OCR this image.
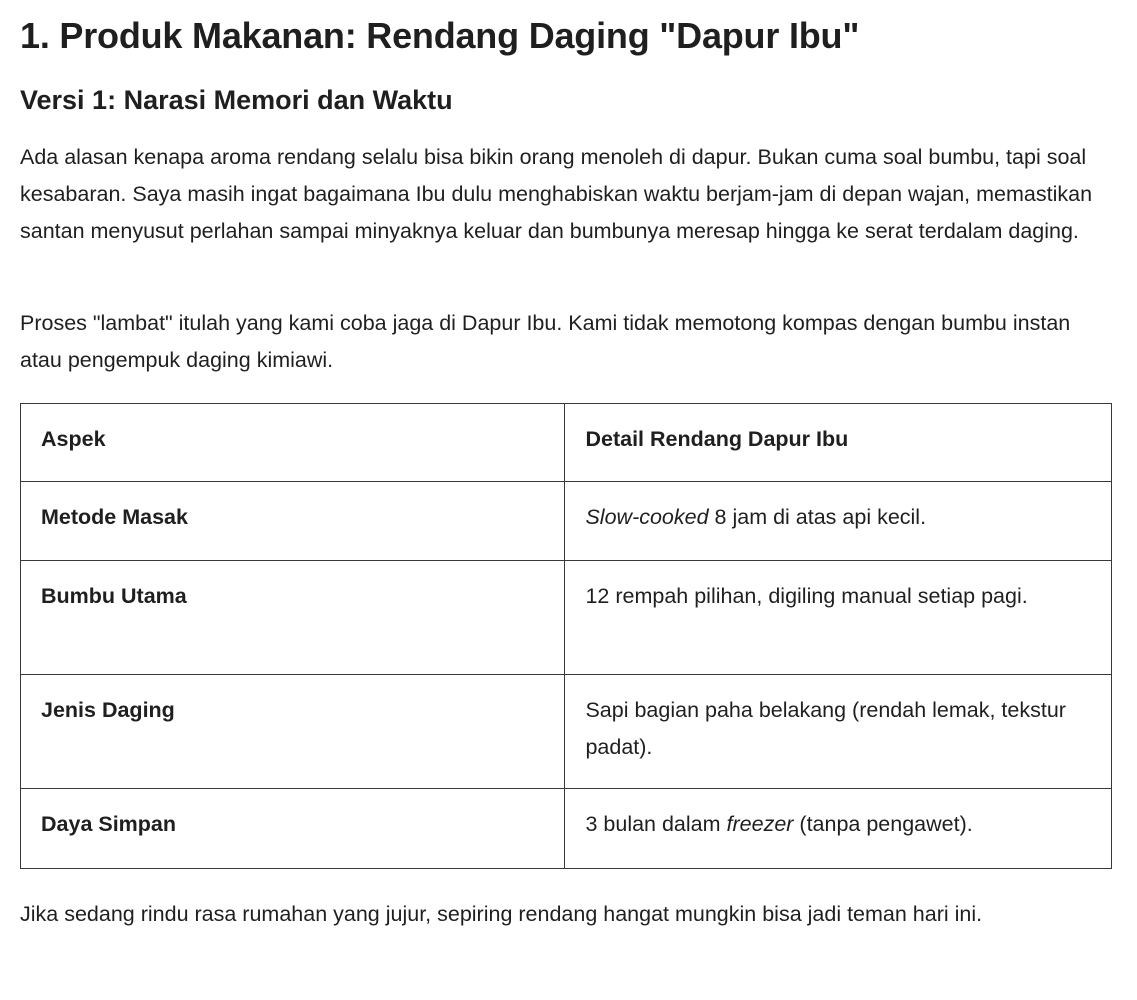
1. Produk Makanan: Rendang Daging "Dapur Ibu"
Versi 1: Narasi Memori dan Waktu

Ada alasan kenapa aroma rendang selalu bisa bikin orang menoleh di dapur. Bukan cuma soal bumbu, tapi soal kesabaran. Saya masih ingat bagaimana Ibu dulu menghabiskan waktu berjam-jam di depan wajan, memastikan santan menyusut perlahan sampai minyaknya keluar dan bumbunya meresap hingga ke serat terdalam daging.

Proses "lambat" itulah yang kami coba jaga di Dapur Ibu. Kami tidak memotong kompas dengan bumbu instan atau pengempuk daging kimiawi.

Aspek	Detail Rendang Dapur Ibu
Metode Masak	Slow-cooked 8 jam di atas api kecil.
Bumbu Utama	12 rempah pilihan, digiling manual setiap pagi.
Jenis Daging	Sapi bagian paha belakang (rendah lemak, tekstur padat).
Daya Simpan	3 bulan dalam freezer (tanpa pengawet).

Jika sedang rindu rasa rumahan yang jujur, sepiring rendang hangat mungkin bisa jadi teman hari ini.
